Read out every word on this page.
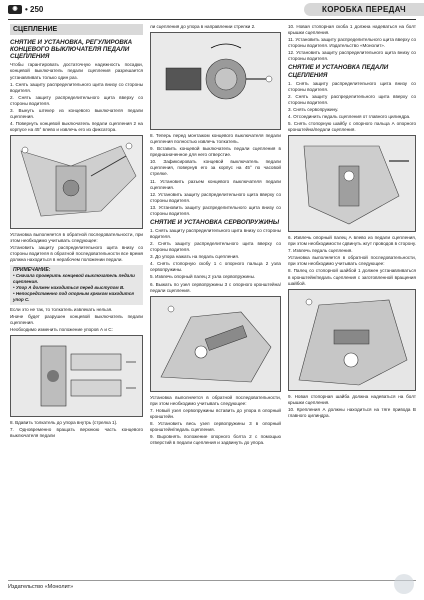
◉ • 250	КОРОБКА ПЕРЕДАЧ
СЦЕПЛЕНИЕ
СНЯТИЕ И УСТАНОВКА, РЕГУЛИРОВКА КОНЦЕВОГО ВЫКЛЮЧАТЕЛЯ ПЕДАЛИ СЦЕПЛЕНИЯ

Чтобы гарантировать достаточную надежность посадки, концевой выключатель педали сцепления разрешается устанавливать только один раз.

1. Снять защиту распределительного щита внизу со стороны водителя.

2. Снять защиту распределительного щита вверху со стороны водителя.

3. Вынуть штекер из концевого выключателя педали сцепления.

4. Повернуть концевой выключатель педали сцепления 2 на корпусе на 45° влево и извлечь его из фиксатора.

Установка выполняется в обратной последовательности, при этом необходимо учитывать следующее:

Установить защиту распределительного щита внизу со стороны водителя в обратной последовательности все время должна находиться в нерабочем положении педали.

ПРИМЕЧАНИЕ:

• Сначала проверить концевой выключатель педали сцепления.

• Упор А должен находиться перед выступом В.

• Непосредственно под опорным крюком находится упор С.

Если это не так, то толкатель извлекать нельзя.

Иначе будет разрушен концевой выключатель педали сцепления.

Необходимо изменить положение упоров А и С:

8. Вдавить толкатель до упора внутрь (стрелка 1).

7. Одновременно вращать верхнюю часть концевого выключателя педали

ли сцепления до упора в направлении стрелки 2.

8. Теперь перед монтажом концевого выключателя педали сцепления полностью извлечь толкатель.

9. Вставить концевой выключатель педали сцепления в предназначенное для него отверстие.

10. Зафиксировать концевой выключатель педали сцепления, повернув его за корпус на 45° по часовой стрелке.

11. Установить разъем концевого выключателя педали сцепления.

12. Установить защиту распределительного щита вверху со стороны водителя.

13. Установить защиту распределительного щита внизу со стороны водителя.

СНЯТИЕ И УСТАНОВКА СЕРВОПРУЖИНЫ

1. Снять защиту распределительного щита внизу со стороны водителя.

2. Снять защиту распределительного щита вверху со стороны водителя.

3. До упора нажать на педаль сцепления.

4. Снять стопорную скобу 1 с опорного пальца 2 узла сервопружины.

5. Извлечь опорный палец 2 узла сервопружины.

6. Выжать по узел сервопружины 3 с опорного кронштейна/педали сцепления.

Установка выполняется в обратной последовательности, при этом необходимо учитывать следующее:

7. Новый узел сервопружины вставить до упора в опорный кронштейн.

8. Установить весь узел сервопружины 3 в опорный кронштейн/педаль сцепления.

9. Выровнять положение опорного болта 2 с помощью отверстий в педали сцепления и задвинуть до упора.

10. Новая стопорная скоба 1 должна надеваться на болт крышки сцепления.

11. Установить защиту распределительного щита вверху со стороны водителя. Издательство «Монолит».

12. Установить защиту распределительного щита внизу со стороны водителя.

СНЯТИЕ И УСТАНОВКА ПЕДАЛИ СЦЕПЛЕНИЯ

1. Снять защиту распределительного щита внизу со стороны водителя.

2. Снять защиту распределительного щита вверху со стороны водителя.

3. Снять сервопружину.

4. Отсоединить педаль сцепления от главного цилиндра.

5. Снять стопорную шайбу с опорного пальца А опорного кронштейна/педали сцепления.

6. Извлечь опорный палец А влево из педали сцепления, при этом необходимости сдвинуть жгут проводов в сторону.

7. Извлечь педаль сцепления.

Установка выполняется в обратной последовательности, при этом необходимо учитывать следующее:

8. Палец со стопорной шайбой 1 должен устанавливаться в кронштейн/педаль сцепления с заготовленной вращения шайбой.

9. Новая стопорная шайба должна надеваться на болт крышки сцепления.

10. Крепления А должны находиться на тяге привода В главного цилиндра.

Издательство «Монолит»
